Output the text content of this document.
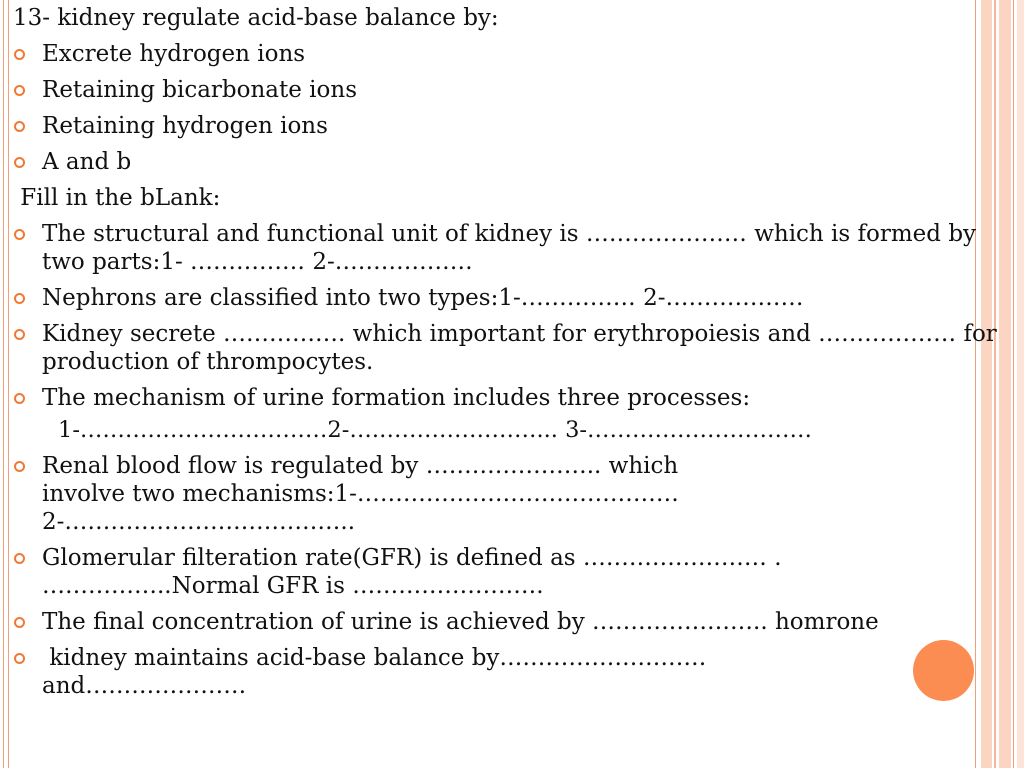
13- kidney regulate acid-base balance by:
Excrete hydrogen ions
Retaining bicarbonate ions
Retaining hydrogen ions
A and b
Fill in the bLank:
The structural and functional unit of kidney is ………………… which is formed by two parts:1- …………… 2-………………
Nephrons are classified into two types:1-…………… 2-………………
Kidney secrete ……………. which important for erythropoiesis and ……………… for production of thrompocytes.
The mechanism of urine formation includes three processes:
1-……………………………2-….…………………... 3-…………………………
Renal blood flow is regulated by ………………….. which involve two mechanisms:1-…………………………………… 2-………………………………..
Glomerular filteration rate(GFR) is defined as …………………… . ……………..Normal GFR is …………………….
The final concentration of urine is achieved by ………………….. homrone
kidney maintains acid-base balance by……………………… and…………………
